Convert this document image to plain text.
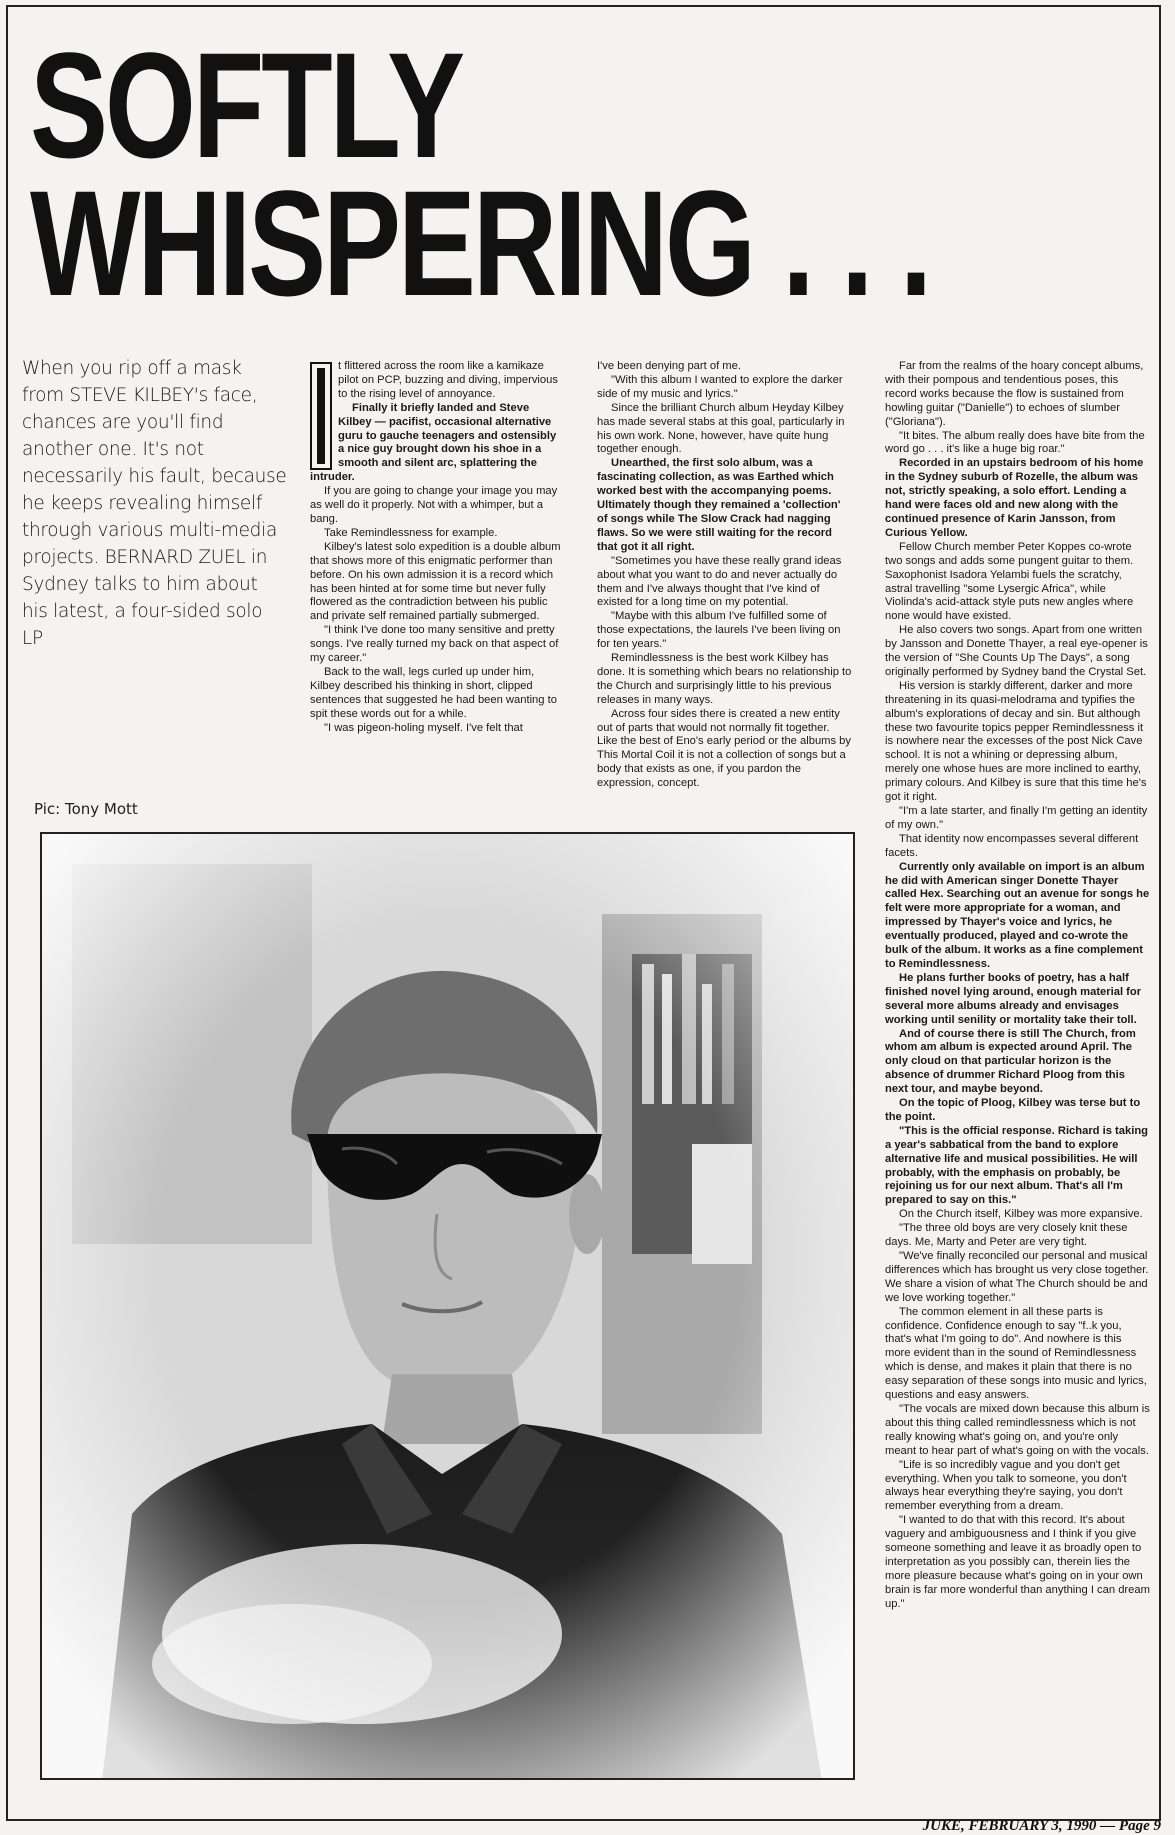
SOFTLY
WHISPERING . . .
When you rip off a mask from STEVE KILBEY's face, chances are you'll find another one. It's not necessarily his fault, because he keeps revealing himself through various multi-media projects. BERNARD ZUEL in Sydney talks to him about his latest, a four-sided solo LP
Pic: Tony Mott

t flittered across the room like a kamikaze pilot on PCP, buzzing and diving, impervious to the rising level of annoyance.

Finally it briefly landed and Steve Kilbey — pacifist, occasional alternative guru to gauche teenagers and ostensibly a nice guy brought down his shoe in a smooth and silent arc, splattering the intruder.

If you are going to change your image you may as well do it properly. Not with a whimper, but a bang.

Take Remindlessness for example.

Kilbey's latest solo expedition is a double album that shows more of this enigmatic performer than before. On his own admission it is a record which has been hinted at for some time but never fully flowered as the contradiction between his public and private self remained partially submerged.

"I think I've done too many sensitive and pretty songs. I've really turned my back on that aspect of my career."

Back to the wall, legs curled up under him, Kilbey described his thinking in short, clipped sentences that suggested he had been wanting to spit these words out for a while.

"I was pigeon-holing myself. I've felt that

I've been denying part of me.

"With this album I wanted to explore the darker side of my music and lyrics."

Since the brilliant Church album Heyday Kilbey has made several stabs at this goal, particularly in his own work. None, however, have quite hung together enough.

Unearthed, the first solo album, was a fascinating collection, as was Earthed which worked best with the accompanying poems. Ultimately though they remained a 'collection' of songs while The Slow Crack had nagging flaws. So we were still waiting for the record that got it all right.

"Sometimes you have these really grand ideas about what you want to do and never actually do them and I've always thought that I've kind of existed for a long time on my potential.

"Maybe with this album I've fulfilled some of those expectations, the laurels I've been living on for ten years."

Remindlessness is the best work Kilbey has done. It is something which bears no relationship to the Church and surprisingly little to his previous releases in many ways.

Across four sides there is created a new entity out of parts that would not normally fit together. Like the best of Eno's early period or the albums by This Mortal Coil it is not a collection of songs but a body that exists as one, if you pardon the expression, concept.

Far from the realms of the hoary concept albums, with their pompous and tendentious poses, this record works because the flow is sustained from howling guitar ("Danielle") to echoes of slumber ("Gloriana").

"It bites. The album really does have bite from the word go . . . it's like a huge big roar."

Recorded in an upstairs bedroom of his home in the Sydney suburb of Rozelle, the album was not, strictly speaking, a solo effort. Lending a hand were faces old and new along with the continued presence of Karin Jansson, from Curious Yellow.

Fellow Church member Peter Koppes co-wrote two songs and adds some pungent guitar to them. Saxophonist Isadora Yelambi fuels the scratchy, astral travelling "some Lysergic Africa", while Violinda's acid-attack style puts new angles where none would have existed.

He also covers two songs. Apart from one written by Jansson and Donette Thayer, a real eye-opener is the version of "She Counts Up The Days", a song originally performed by Sydney band the Crystal Set.

His version is starkly different, darker and more threatening in its quasi-melodrama and typifies the album's explorations of decay and sin. But although these two favourite topics pepper Remindlessness it is nowhere near the excesses of the post Nick Cave school. It is not a whining or depressing album, merely one whose hues are more inclined to earthy, primary colours. And Kilbey is sure that this time he's got it right.

"I'm a late starter, and finally I'm getting an identity of my own."

That identity now encompasses several different facets.

Currently only available on import is an album he did with American singer Donette Thayer called Hex. Searching out an avenue for songs he felt were more appropriate for a woman, and impressed by Thayer's voice and lyrics, he eventually produced, played and co-wrote the bulk of the album. It works as a fine complement to Remindlessness.

He plans further books of poetry, has a half finished novel lying around, enough material for several more albums already and envisages working until senility or mortality take their toll.

And of course there is still The Church, from whom am album is expected around April. The only cloud on that particular horizon is the absence of drummer Richard Ploog from this next tour, and maybe beyond.

On the topic of Ploog, Kilbey was terse but to the point.

"This is the official response. Richard is taking a year's sabbatical from the band to explore alternative life and musical possibilities. He will probably, with the emphasis on probably, be rejoining us for our next album. That's all I'm prepared to say on this."

On the Church itself, Kilbey was more expansive.

"The three old boys are very closely knit these days. Me, Marty and Peter are very tight.

"We've finally reconciled our personal and musical differences which has brought us very close together. We share a vision of what The Church should be and we love working together."

The common element in all these parts is confidence. Confidence enough to say "f..k you, that's what I'm going to do". And nowhere is this more evident than in the sound of Remindlessness which is dense, and makes it plain that there is no easy separation of these songs into music and lyrics, questions and easy answers.

"The vocals are mixed down because this album is about this thing called remindlessness which is not really knowing what's going on, and you're only meant to hear part of what's going on with the vocals.

"Life is so incredibly vague and you don't get everything. When you talk to someone, you don't always hear everything they're saying, you don't remember everything from a dream.

"I wanted to do that with this record. It's about vaguery and ambiguousness and I think if you give someone something and leave it as broadly open to interpretation as you possibly can, therein lies the more pleasure because what's going on in your own brain is far more wonderful than anything I can dream up."

JUKE, FEBRUARY 3, 1990 — Page 9
